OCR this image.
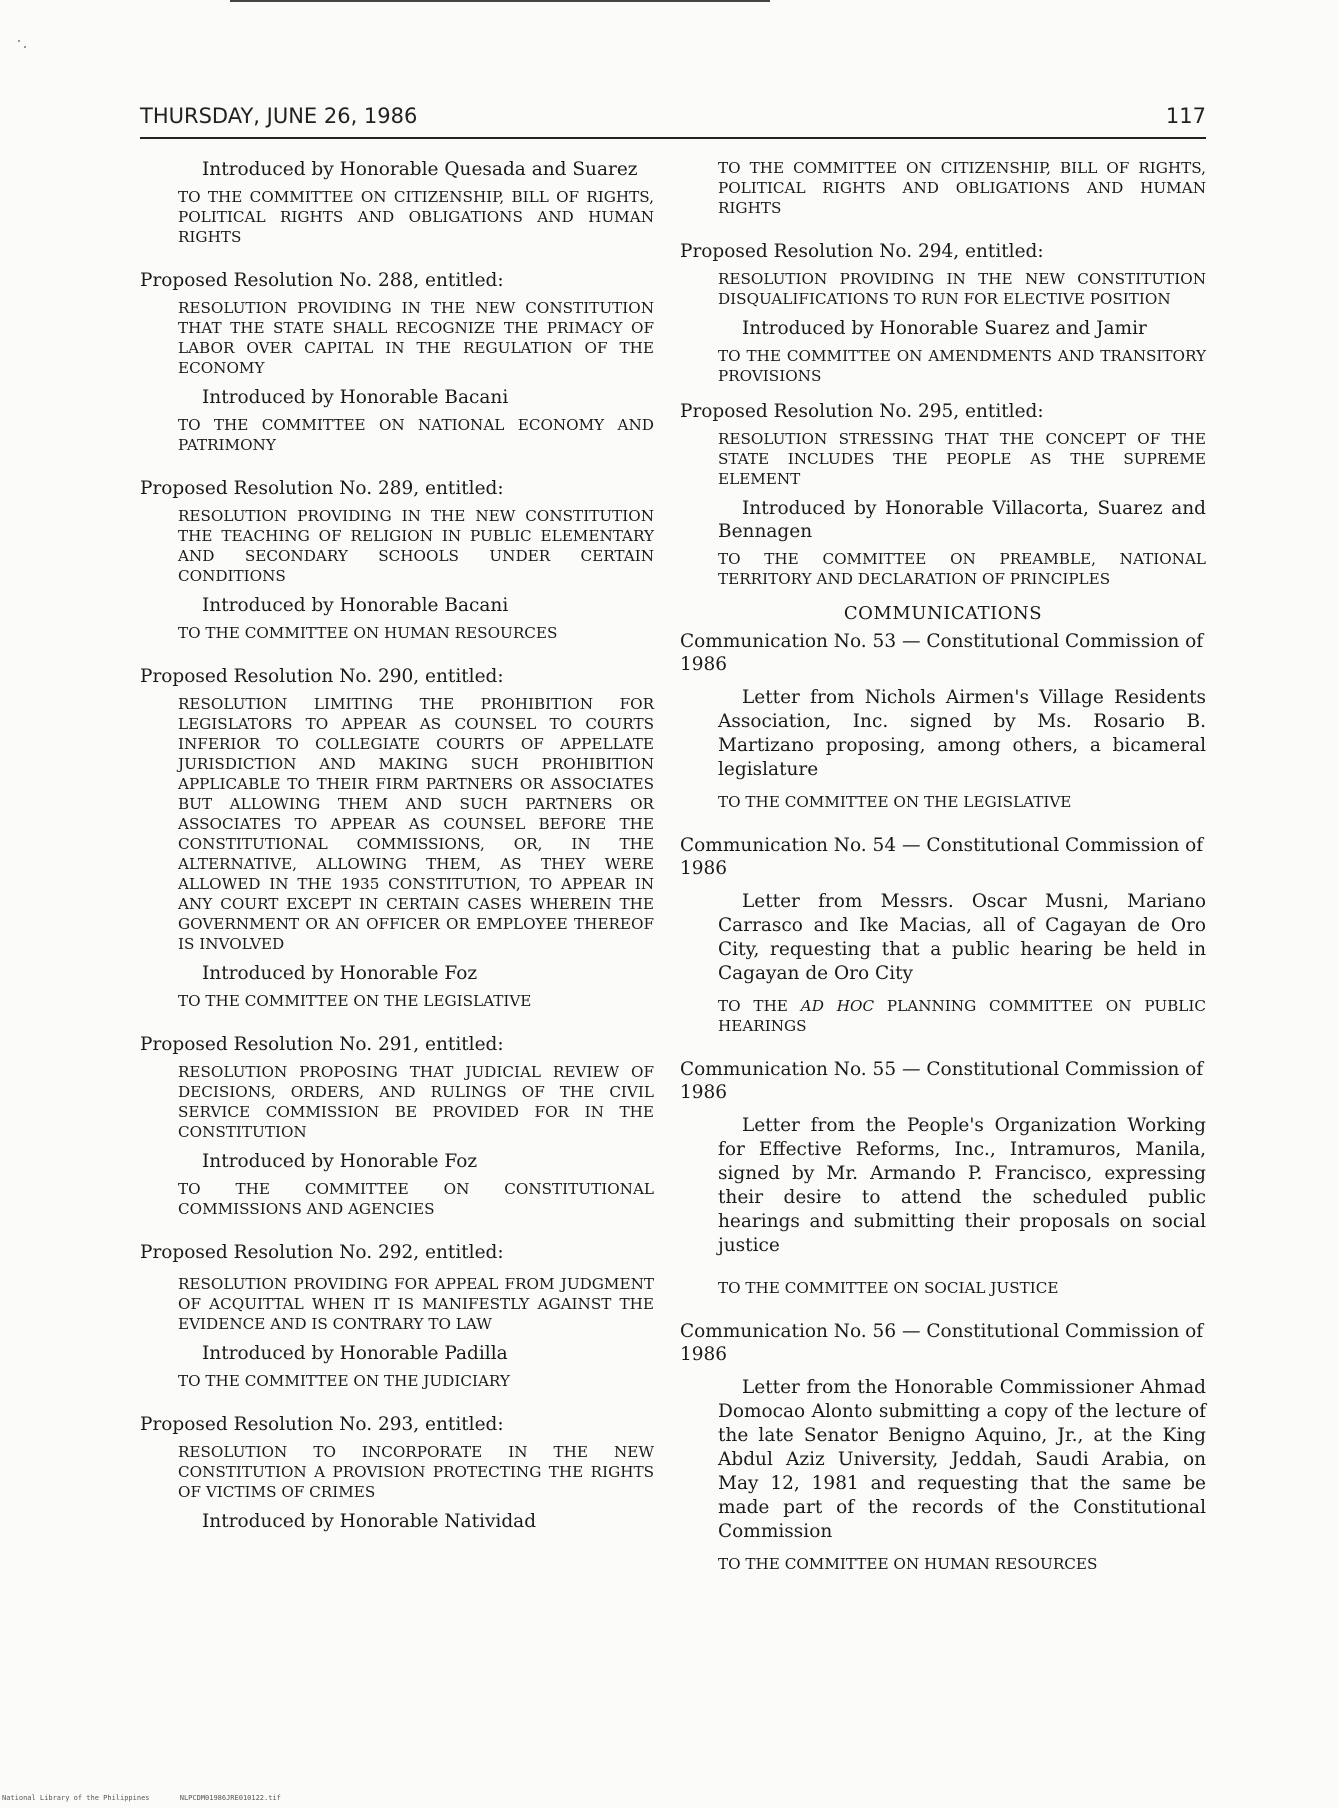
THURSDAY, JUNE 26, 1986	117

Introduced by Honorable Quesada and Suarez

TO THE COMMITTEE ON CITIZENSHIP, BILL OF RIGHTS, POLITICAL RIGHTS AND OBLIGATIONS AND HUMAN RIGHTS

Proposed Resolution No. 288, entitled:

RESOLUTION PROVIDING IN THE NEW CONSTITUTION THAT THE STATE SHALL RECOGNIZE THE PRIMACY OF LABOR OVER CAPITAL IN THE REGULATION OF THE ECONOMY

Introduced by Honorable Bacani

TO THE COMMITTEE ON NATIONAL ECONOMY AND PATRIMONY

Proposed Resolution No. 289, entitled:

RESOLUTION PROVIDING IN THE NEW CONSTITUTION THE TEACHING OF RELIGION IN PUBLIC ELEMENTARY AND SECONDARY SCHOOLS UNDER CERTAIN CONDITIONS

Introduced by Honorable Bacani

TO THE COMMITTEE ON HUMAN RESOURCES

Proposed Resolution No. 290, entitled:

RESOLUTION LIMITING THE PROHIBITION FOR LEGISLATORS TO APPEAR AS COUNSEL TO COURTS INFERIOR TO COLLEGIATE COURTS OF APPELLATE JURISDICTION AND MAKING SUCH PROHIBITION APPLICABLE TO THEIR FIRM PARTNERS OR ASSOCIATES BUT ALLOWING THEM AND SUCH PARTNERS OR ASSOCIATES TO APPEAR AS COUNSEL BEFORE THE CONSTITUTIONAL COMMISSIONS, OR, IN THE ALTERNATIVE, ALLOWING THEM, AS THEY WERE ALLOWED IN THE 1935 CONSTITUTION, TO APPEAR IN ANY COURT EXCEPT IN CERTAIN CASES WHEREIN THE GOVERNMENT OR AN OFFICER OR EMPLOYEE THEREOF IS INVOLVED

Introduced by Honorable Foz

TO THE COMMITTEE ON THE LEGISLATIVE

Proposed Resolution No. 291, entitled:

RESOLUTION PROPOSING THAT JUDICIAL REVIEW OF DECISIONS, ORDERS, AND RULINGS OF THE CIVIL SERVICE COMMISSION BE PROVIDED FOR IN THE CONSTITUTION

Introduced by Honorable Foz

TO THE COMMITTEE ON CONSTITUTIONAL COMMISSIONS AND AGENCIES

Proposed Resolution No. 292, entitled:

RESOLUTION PROVIDING FOR APPEAL FROM JUDGMENT OF ACQUITTAL WHEN IT IS MANIFESTLY AGAINST THE EVIDENCE AND IS CONTRARY TO LAW

Introduced by Honorable Padilla

TO THE COMMITTEE ON THE JUDICIARY

Proposed Resolution No. 293, entitled:

RESOLUTION TO INCORPORATE IN THE NEW CONSTITUTION A PROVISION PROTECTING THE RIGHTS OF VICTIMS OF CRIMES

Introduced by Honorable Natividad

TO THE COMMITTEE ON CITIZENSHIP, BILL OF RIGHTS, POLITICAL RIGHTS AND OBLIGATIONS AND HUMAN RIGHTS

Proposed Resolution No. 294, entitled:

RESOLUTION PROVIDING IN THE NEW CONSTITUTION DISQUALIFICATIONS TO RUN FOR ELECTIVE POSITION

Introduced by Honorable Suarez and Jamir

TO THE COMMITTEE ON AMENDMENTS AND TRANSITORY PROVISIONS

Proposed Resolution No. 295, entitled:

RESOLUTION STRESSING THAT THE CONCEPT OF THE STATE INCLUDES THE PEOPLE AS THE SUPREME ELEMENT

Introduced by Honorable Villacorta, Suarez and Bennagen

TO THE COMMITTEE ON PREAMBLE, NATIONAL TERRITORY AND DECLARATION OF PRINCIPLES

COMMUNICATIONS

Communication No. 53 — Constitutional Commission of 1986

Letter from Nichols Airmen's Village Residents Association, Inc. signed by Ms. Rosario B. Martizano proposing, among others, a bicameral legislature

TO THE COMMITTEE ON THE LEGISLATIVE

Communication No. 54 — Constitutional Commission of 1986

Letter from Messrs. Oscar Musni, Mariano Carrasco and Ike Macias, all of Cagayan de Oro City, requesting that a public hearing be held in Cagayan de Oro City

TO THE AD HOC PLANNING COMMITTEE ON PUBLIC HEARINGS

Communication No. 55 — Constitutional Commission of 1986

Letter from the People's Organization Working for Effective Reforms, Inc., Intramuros, Manila, signed by Mr. Armando P. Francisco, expressing their desire to attend the scheduled public hearings and submitting their proposals on social justice

TO THE COMMITTEE ON SOCIAL JUSTICE

Communication No. 56 — Constitutional Commission of 1986

Letter from the Honorable Commissioner Ahmad Domocao Alonto submitting a copy of the lecture of the late Senator Benigno Aquino, Jr., at the King Abdul Aziz University, Jeddah, Saudi Arabia, on May 12, 1981 and requesting that the same be made part of the records of the Constitutional Commission

TO THE COMMITTEE ON HUMAN RESOURCES

National Library of the Philippines	NLPCDM01986JRE010122.tif
